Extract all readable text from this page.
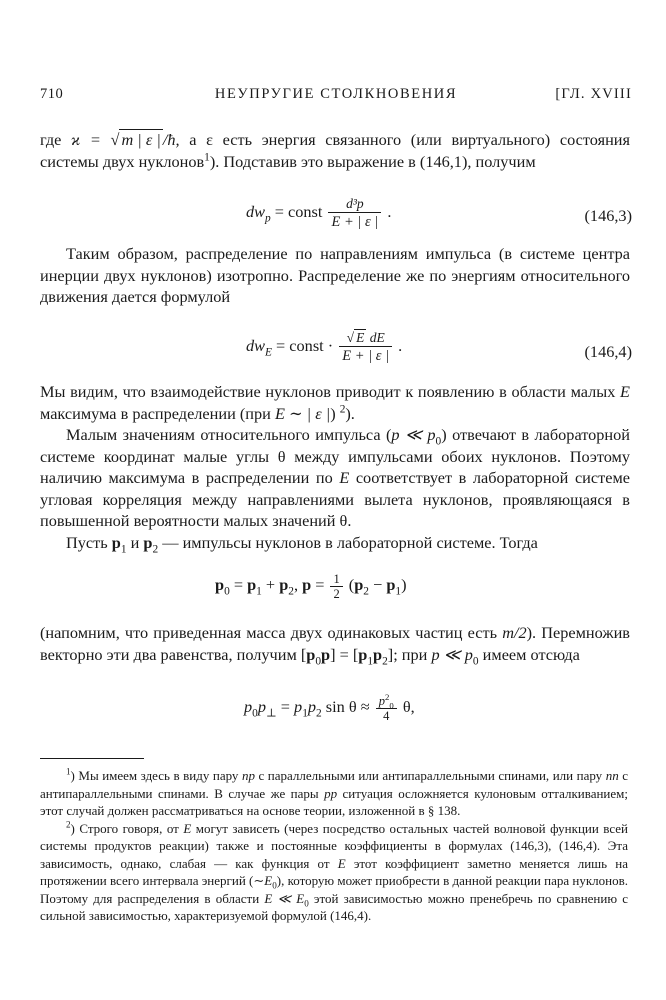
710	НЕУПРУГИЕ СТОЛКНОВЕНИЯ	[ГЛ. XVIII

где ϰ = √ m | ε | /ħ, а ε есть энергия связанного (или виртуального) состояния системы двух нуклонов$^1$). Подставив это выражение в (146,1), получим

$dw_p$ = const $\frac{\text{d³p}}{E + | \varepsilon |}$ .	(146,3)

Таким образом, распределение по направлениям импульса (в системе центра инерции двух нуклонов) изотропно. Распределение же по энергиям относительного движения дается формулой

$dw_E$ = const · $\frac{\text{√ E dE}}{E + | \varepsilon |}$ .	(146,4)

Мы видим, что взаимодействие нуклонов приводит к появлению в области малых E максимума в распределении (при E ∼ | ε |) $^2$).

Малым значениям относительного импульса (p ≪ $p_0$) отвечают в лабораторной системе координат малые углы θ между импульсами обоих нуклонов. Поэтому наличию максимума в распределении по E соответствует в лабораторной системе угловая корреляция между направлениями вылета нуклонов, проявляющаяся в повышенной вероятности малых значений θ.

Пусть $p_1$ и $p_2$ — импульсы нуклонов в лабораторной системе. Тогда

$p_0 = p_1 + p_2$, $p = \frac{1}{2} (p_2 - p_1)$

(напомним, что приведенная масса двух одинаковых частиц есть m/2). Перемножив векторно эти два равенства, получим $[p_0p] = [p_1p_2]$; при p ≪ $p_0$ имеем отсюда

$p_0p_\perp = p_1p_2$ $\sin \theta \approx \frac{p^2_0}{4} \theta$,

$^1$) Мы имеем здесь в виду пару np с параллельными или антипараллельными спинами, или пару nn с антипараллельными спинами. В случае же пары pp ситуация осложняется кулоновым отталкиванием; этот случай должен рассматриваться на основе теории, изложенной в § 138.

$^2$) Строго говоря, от E могут зависеть (через посредство остальных частей волновой функции всей системы продуктов реакции) также и постоянные коэффициенты в формулах (146,3), (146,4). Эта зависимость, однако, слабая — как функция от E этот коэффициент заметно меняется лишь на протяжении всего интервала энергий $(\sim E_0)$, которую может приобрести в данной реакции пара нуклонов. Поэтому для распределения в области E ≪ $E_0$ этой зависимостью можно пренебречь по сравнению с сильной зависимостью, характеризуемой формулой (146,4).
